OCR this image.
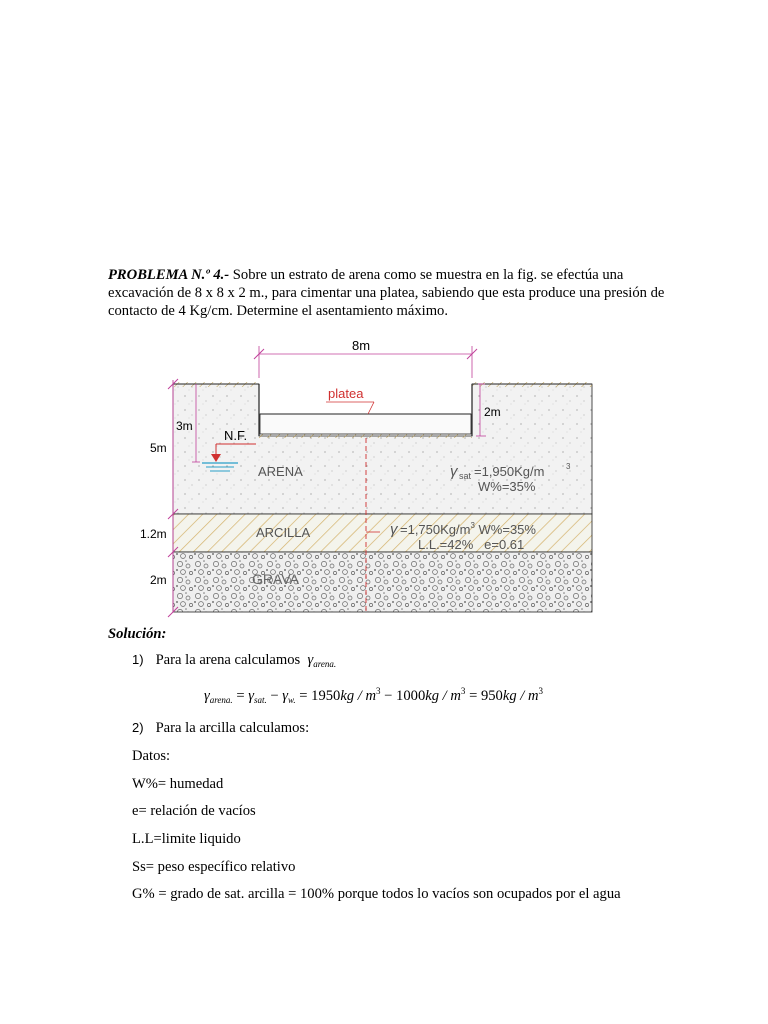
PROBLEMA N.º 4.- Sobre un estrato de arena como se muestra en la fig. se efectúa una excavación de 8 x 8 x 2 m., para cimentar una platea, sabiendo que esta produce una presión de contacto de 4 Kg/cm. Determine el asentamiento máximo.

8m
platea
2m
3m
5m
1.2m
2m
N.F.
ARENA
ARCILLA
GRAVA
γ sat =1,950Kg/m	3
W%=35%
$\gamma =1,750Kg/m^3$ W%=35%
L.L.=42%   e=0.61
Solución:
1) Para la arena calculamos $\gamma_{arena.}$
$\gamma_{arena.} = \gamma_{sat.} - \gamma_{w.} = 1950kg / m^3 - 1000kg / m^3 = 950kg / m^3$
2) Para la arcilla calculamos:
Datos:
W%= humedad
e= relación de vacíos
L.L=limite liquido
Ss= peso específico relativo
G% = grado de sat. arcilla = 100% porque todos lo vacíos son ocupados por el agua
